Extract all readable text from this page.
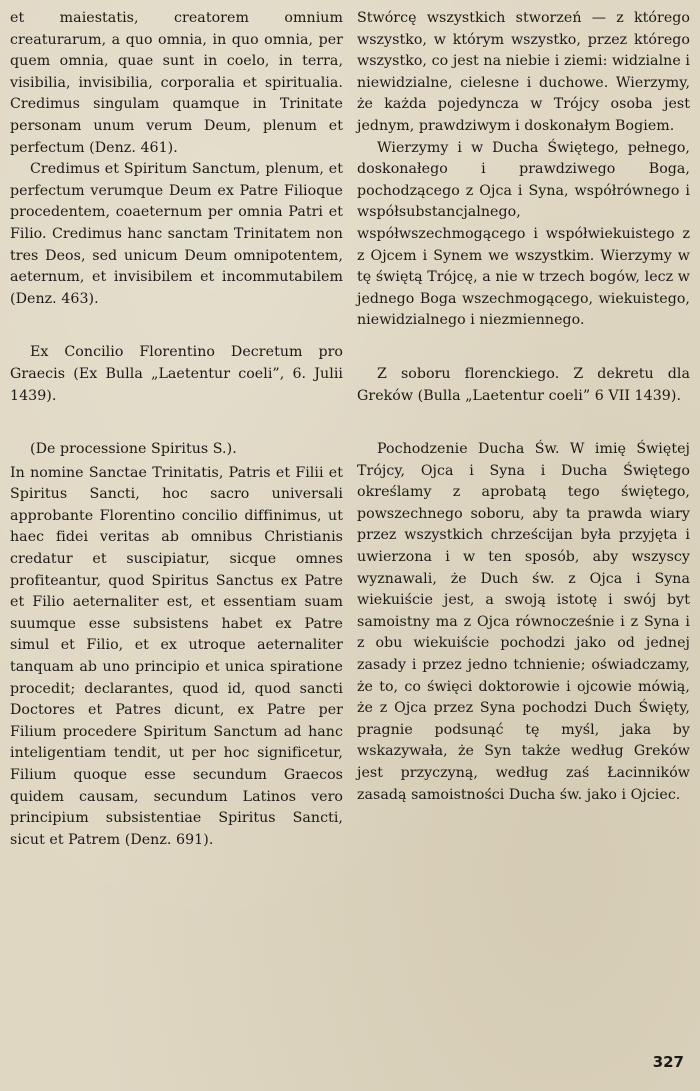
et maiestatis, creatorem omnium creaturarum, a quo omnia, in quo omnia, per quem omnia, quae sunt in coelo, in terra, visibilia, invisibilia, corporalia et spiritualia. Credimus singulam quamque in Trinitate personam unum verum Deum, plenum et perfectum (Denz. 461).

Credimus et Spiritum Sanctum, plenum, et perfectum verumque Deum ex Patre Filioque procedentem, coaeternum per omnia Patri et Filio. Credimus hanc sanctam Trinitatem non tres Deos, sed unicum Deum omnipotentem, aeternum, et invisibilem et incommutabilem (Denz. 463).

Ex Concilio Florentino Decretum pro Graecis (Ex Bulla „Laetentur coeli”, 6. Julii 1439).

(De processione Spiritus S.).

In nomine Sanctae Trinitatis, Patris et Filii et Spiritus Sancti, hoc sacro universali approbante Florentino concilio diffinimus, ut haec fidei veritas ab omnibus Christianis credatur et suscipiatur, sicque omnes profiteantur, quod Spiritus Sanctus ex Patre et Filio aeternaliter est, et essentiam suam suumque esse subsistens habet ex Patre simul et Filio, et ex utroque aeternaliter tanquam ab uno principio et unica spiratione procedit; declarantes, quod id, quod sancti Doctores et Patres dicunt, ex Patre per Filium procedere Spiritum Sanctum ad hanc inteligentiam tendit, ut per hoc significetur, Filium quoque esse secundum Graecos quidem causam, secundum Latinos vero principium subsistentiae Spiritus Sancti, sicut et Patrem (Denz. 691).

Stwórcę wszystkich stworzeń — z którego wszystko, w którym wszystko, przez którego wszystko, co jest na niebie i ziemi: widzialne i niewidzialne, cielesne i duchowe. Wierzymy, że każda pojedyncza w Trójcy osoba jest jednym, prawdziwym i doskonałym Bogiem.

Wierzymy i w Ducha Świętego, pełnego, doskonałego i prawdziwego Boga, pochodzącego z Ojca i Syna, współrównego i współsubstancjalnego, współwszechmogącego i współwiekuistego z z Ojcem i Synem we wszystkim. Wierzymy w tę świętą Trójcę, a nie w trzech bogów, lecz w jednego Boga wszechmogącego, wiekuistego, niewidzialnego i niezmiennego.

Z soboru florenckiego. Z dekretu dla Greków (Bulla „Laetentur coeli” 6 VII 1439).

Pochodzenie Ducha Św. W imię Świętej Trójcy, Ojca i Syna i Ducha Świętego określamy z aprobatą tego świętego, powszechnego soboru, aby ta prawda wiary przez wszystkich chrześcijan była przyjęta i uwierzona i w ten sposób, aby wszyscy wyznawali, że Duch św. z Ojca i Syna wiekuiście jest, a swoją istotę i swój byt samoistny ma z Ojca równocześnie i z Syna i z obu wiekuiście pochodzi jako od jednej zasady i przez jedno tchnienie; oświadczamy, że to, co święci doktorowie i ojcowie mówią, że z Ojca przez Syna pochodzi Duch Święty, pragnie podsunąć tę myśl, jaka by wskazywała, że Syn także według Greków jest przyczyną, według zaś Łacinników zasadą samoistności Ducha św. jako i Ojciec.

327
